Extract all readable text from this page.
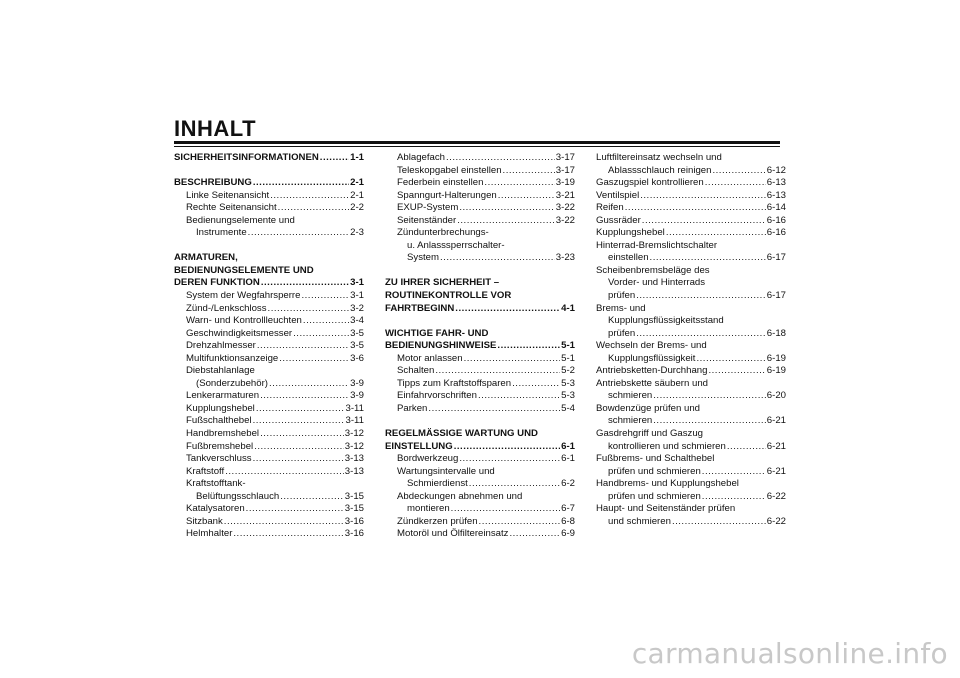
INHALT
SICHERHEITSINFORMATIONEN .....	1-1
BESCHREIBUNG .....	2-1
Linke Seitenansicht .....	2-1
Rechte Seitenansicht .....	2-2
Bedienungselemente und
Instrumente .....	2-3
ARMATUREN,
BEDIENUNGSELEMENTE UND
DEREN FUNKTION .....	3-1
System der Wegfahrsperre .....	3-1
Zünd-/Lenkschloss .....	3-2
Warn- und Kontrollleuchten .....	3-4
Geschwindigkeitsmesser .....	3-5
Drehzahlmesser .....	3-5
Multifunktionsanzeige .....	3-6
Diebstahlanlage
(Sonderzubehör) .....	3-9
Lenkerarmaturen .....	3-9
Kupplungshebel .....	3-11
Fußschalthebel .....	3-11
Handbremshebel .....	3-12
Fußbremshebel .....	3-12
Tankverschluss .....	3-13
Kraftstoff .....	3-13
Kraftstofftank-
Belüftungsschlauch .....	3-15
Katalysatoren .....	3-15
Sitzbank .....	3-16
Helmhalter .....	3-16
Ablagefach .....	3-17
Teleskopgabel einstellen .....	3-17
Federbein einstellen .....	3-19
Spanngurt-Halterungen .....	3-21
EXUP-System .....	3-22
Seitenständer .....	3-22
Zündunterbrechungs-
u. Anlasssperrschalter-
System .....	3-23
ZU IHRER SICHERHEIT –
ROUTINEKONTROLLE VOR
FAHRTBEGINN .....	4-1
WICHTIGE FAHR- UND
BEDIENUNGSHINWEISE .....	5-1
Motor anlassen .....	5-1
Schalten .....	5-2
Tipps zum Kraftstoffsparen .....	5-3
Einfahrvorschriften .....	5-3
Parken .....	5-4
REGELMÄSSIGE WARTUNG UND
EINSTELLUNG .....	6-1
Bordwerkzeug .....	6-1
Wartungsintervalle und
Schmierdienst .....	6-2
Abdeckungen abnehmen und
montieren .....	6-7
Zündkerzen prüfen .....	6-8
Motoröl und Ölfiltereinsatz .....	6-9
Luftfiltereinsatz wechseln und
Ablassschlauch reinigen .....	6-12
Gaszugspiel kontrollieren .....	6-13
Ventilspiel .....	6-13
Reifen .....	6-14
Gussräder .....	6-16
Kupplungshebel .....	6-16
Hinterrad-Bremslichtschalter
einstellen .....	6-17
Scheibenbremsbeläge des
Vorder- und Hinterrads
prüfen .....	6-17
Brems- und
Kupplungsflüssigkeitsstand
prüfen .....	6-18
Wechseln der Brems- und
Kupplungsflüssigkeit .....	6-19
Antriebsketten-Durchhang .....	6-19
Antriebskette säubern und
schmieren .....	6-20
Bowdenzüge prüfen und
schmieren .....	6-21
Gasdrehgriff und Gaszug
kontrollieren und schmieren .....	6-21
Fußbrems- und Schalthebel
prüfen und schmieren .....	6-21
Handbrems- und Kupplungshebel
prüfen und schmieren .....	6-22
Haupt- und Seitenständer prüfen
und schmieren .....	6-22
carmanualsonline.info
